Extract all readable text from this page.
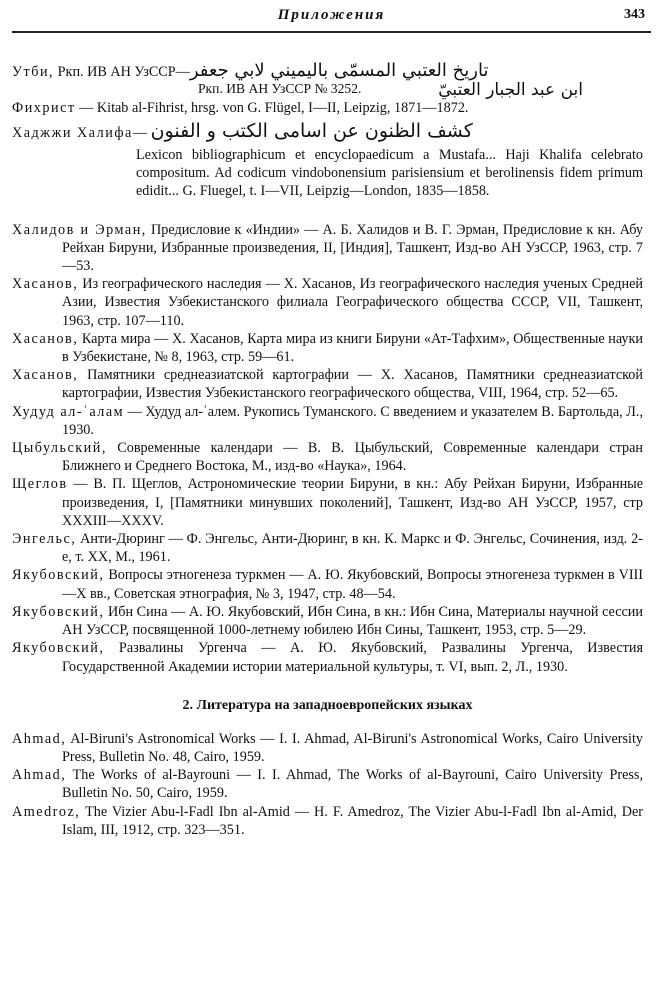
Приложения	343

Утби, Ркп. ИВ АН УзССР—تاريخ العتبي المسمّى باليميني لابي جعفر

ابن عبد الجبار العتبيّ
Ркп. ИВ АН УзССР № 3252.

Фихрист — Kitab al-Fihrist, hrsg. von G. Flügel, I—II, Leipzig, 1871—1872.

Хаджжи Халифа— كشف الظنون عن اسامى الكتب و الفنون

Lexicon bibliographicum et encyclopaedicum a Mustafa... Haji Khalifa celebrato compositum. Ad codicum vindobonensium parisiensium et berolinensis fidem primum edidit... G. Fluegel, t. I—VII, Leipzig—London, 1835—1858.

Халидов и Эрман, Предисловие к «Индии» — А. Б. Халидов и В. Г. Эрман, Предисловие к кн. Абу Рейхан Бируни, Избранные произведения, II, [Индия], Ташкент, Изд-во АН УзССР, 1963, стр. 7—53.

Хасанов, Из географического наследия — Х. Хасанов, Из географического наследия ученых Средней Азии, Известия Узбекистанского филиала Географического общества СССР, VII, Ташкент, 1963, стр. 107—110.

Хасанов, Карта мира — Х. Хасанов, Карта мира из книги Бируни «Ат-Тафхим», Общественные науки в Узбекистане, № 8, 1963, стр. 59—61.

Хасанов, Памятники среднеазиатской картографии — Х. Хасанов, Памятники среднеазиатской картографии, Известия Узбекистанского географического общества, VIII, 1964, стр. 52—65.

Худуд ал-ʿалам — Худуд ал-ʿалем. Рукопись Туманского. С введением и указателем В. Бартольда, Л., 1930.

Цыбульский, Современные календари — В. В. Цыбульский, Современные календари стран Ближнего и Среднего Востока, М., изд-во «Наука», 1964.

Щеглов — В. П. Щеглов, Астрономические теории Бируни, в кн.: Абу Рейхан Бируни, Избранные произведения, I, [Памятники минувших поколений], Ташкент, Изд-во АН УзССР, 1957, стр XXXIII—XXXV.

Энгельс, Анти-Дюринг — Ф. Энгельс, Анти-Дюринг, в кн. К. Маркс и Ф. Энгельс, Сочинения, изд. 2-е, т. XX, М., 1961.

Якубовский, Вопросы этногенеза туркмен — А. Ю. Якубовский, Вопросы этногенеза туркмен в VIII—X вв., Советская этнография, № 3, 1947, стр. 48—54.

Якубовский, Ибн Сина — А. Ю. Якубовский, Ибн Сина, в кн.: Ибн Сина, Материалы научной сессии АН УзССР, посвященной 1000-летнему юбилею Ибн Сины, Ташкент, 1953, стр. 5—29.

Якубовский, Развалины Ургенча — А. Ю. Якубовский, Развалины Ургенча, Известия Государственной Академии истории материальной культуры, т. VI, вып. 2, Л., 1930.

2. Литература на западноевропейских языках

Ahmad, Al-Biruni's Astronomical Works — I. I. Ahmad, Al-Biruni's Astronomical Works, Cairo University Press, Bulletin No. 48, Cairo, 1959.

Ahmad, The Works of al-Bayrouni — I. I. Ahmad, The Works of al-Bayrouni, Cairo University Press, Bulletin No. 50, Cairo, 1959.

Amedroz, The Vizier Abu-l-Fadl Ibn al-Amid — H. F. Amedroz, The Vizier Abu-l-Fadl Ibn al-Amid, Der Islam, III, 1912, стр. 323—351.
